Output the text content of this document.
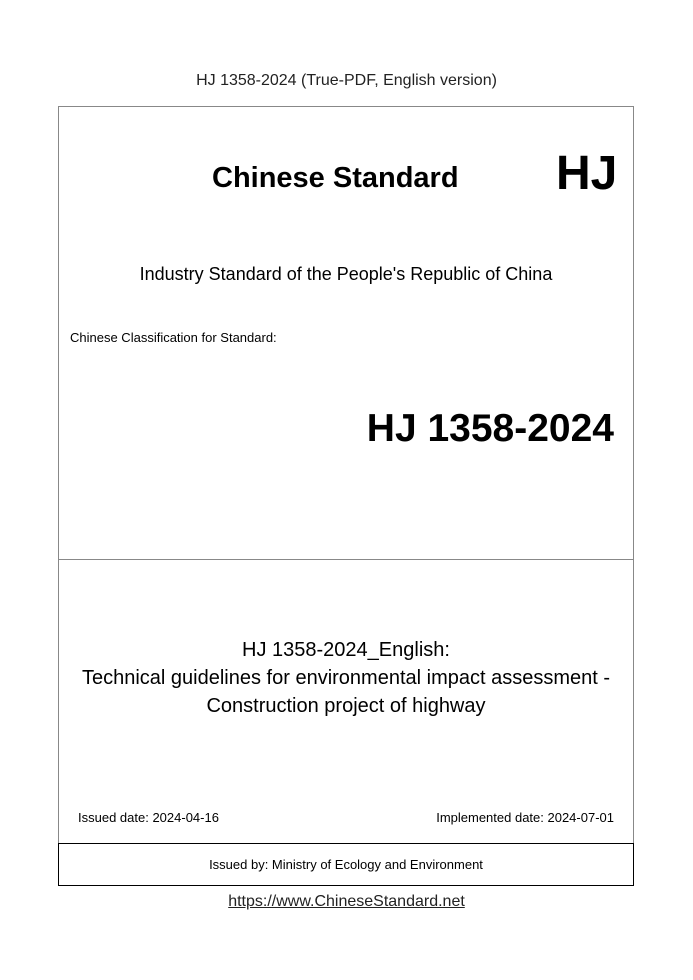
HJ 1358-2024 (True-PDF, English version)
Chinese Standard HJ
Industry Standard of the People's Republic of China
Chinese Classification for Standard:
HJ 1358-2024
HJ 1358-2024_English:
Technical guidelines for environmental impact assessment -
Construction project of highway
Issued date: 2024-04-16	Implemented date: 2024-07-01
Issued by: Ministry of Ecology and Environment
https://www.ChineseStandard.net
